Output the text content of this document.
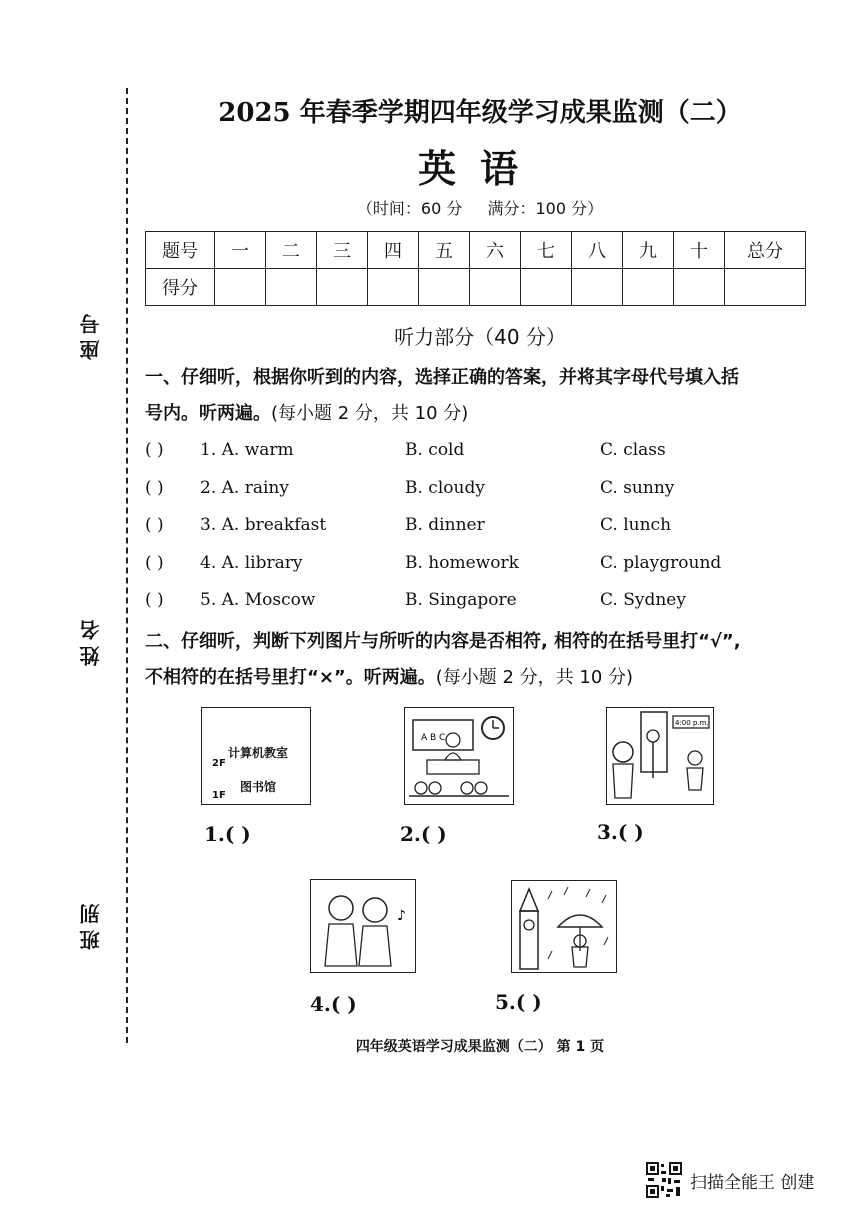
座号
姓名
班别
2025 年春季学期四年级学习成果监测（二）
英语
（时间：60 分 满分：100 分）
题号	一	二	三	四	五	六	七	八	九	十	总分
得分											
听力部分（40 分）
一、仔细听，根据你听到的内容，选择正确的答案，并将其字母代号填入括
号内。听两遍。(每小题 2 分，共 10 分)
( ) 1. A. warm	B. cold	C. class
( ) 2. A. rainy	B. cloudy	C. sunny
( ) 3. A. breakfast	B. dinner	C. lunch
( ) 4. A. library	B. homework	C. playground
( ) 5. A. Moscow	B. Singapore	C. Sydney
二、仔细听，判断下列图片与所听的内容是否相符, 相符的在括号里打“√”,
不相符的在括号里打“×”。听两遍。(每小题 2 分，共 10 分)
计算机教室
2F
图书馆
1F
A B C
4:00 p.m.
1.( )	2.( )	3.( )
♪
4.( )	5.( )
四年级英语学习成果监测（二） 第 1 页
扫描全能王 创建
